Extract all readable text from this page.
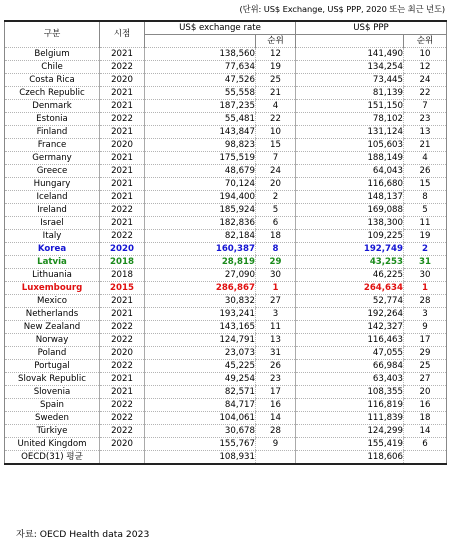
(단위: US$ Exchange, US$ PPP, 2020 또는 최근 년도)
구분	시점	US$ exchange rate		US$ PPP	
			순위		순위
Belgium	2021	138,560	12	141,490	10
Chile	2022	77,634	19	134,254	12
Costa Rica	2020	47,526	25	73,445	24
Czech Republic	2021	55,558	21	81,139	22
Denmark	2021	187,235	4	151,150	7
Estonia	2022	55,481	22	78,102	23
Finland	2021	143,847	10	131,124	13
France	2020	98,823	15	105,603	21
Germany	2021	175,519	7	188,149	4
Greece	2021	48,679	24	64,043	26
Hungary	2021	70,124	20	116,680	15
Iceland	2021	194,400	2	148,137	8
Ireland	2022	185,924	5	169,088	5
Israel	2021	182,836	6	138,300	11
Italy	2022	82,184	18	109,225	19
Korea	2020	160,387	8	192,749	2
Latvia	2018	28,819	29	43,253	31
Lithuania	2018	27,090	30	46,225	30
Luxembourg	2015	286,867	1	264,634	1
Mexico	2021	30,832	27	52,774	28
Netherlands	2021	193,241	3	192,264	3
New Zealand	2022	143,165	11	142,327	9
Norway	2022	124,791	13	116,463	17
Poland	2020	23,073	31	47,055	29
Portugal	2022	45,225	26	66,984	25
Slovak Republic	2021	49,254	23	63,403	27
Slovenia	2021	82,571	17	108,355	20
Spain	2022	84,717	16	116,819	16
Sweden	2022	104,061	14	111,839	18
Türkiye	2022	30,678	28	124,299	14
United Kingdom	2020	155,767	9	155,419	6
OECD(31) 평균		108,931		118,606	
자료: OECD Health data 2023
